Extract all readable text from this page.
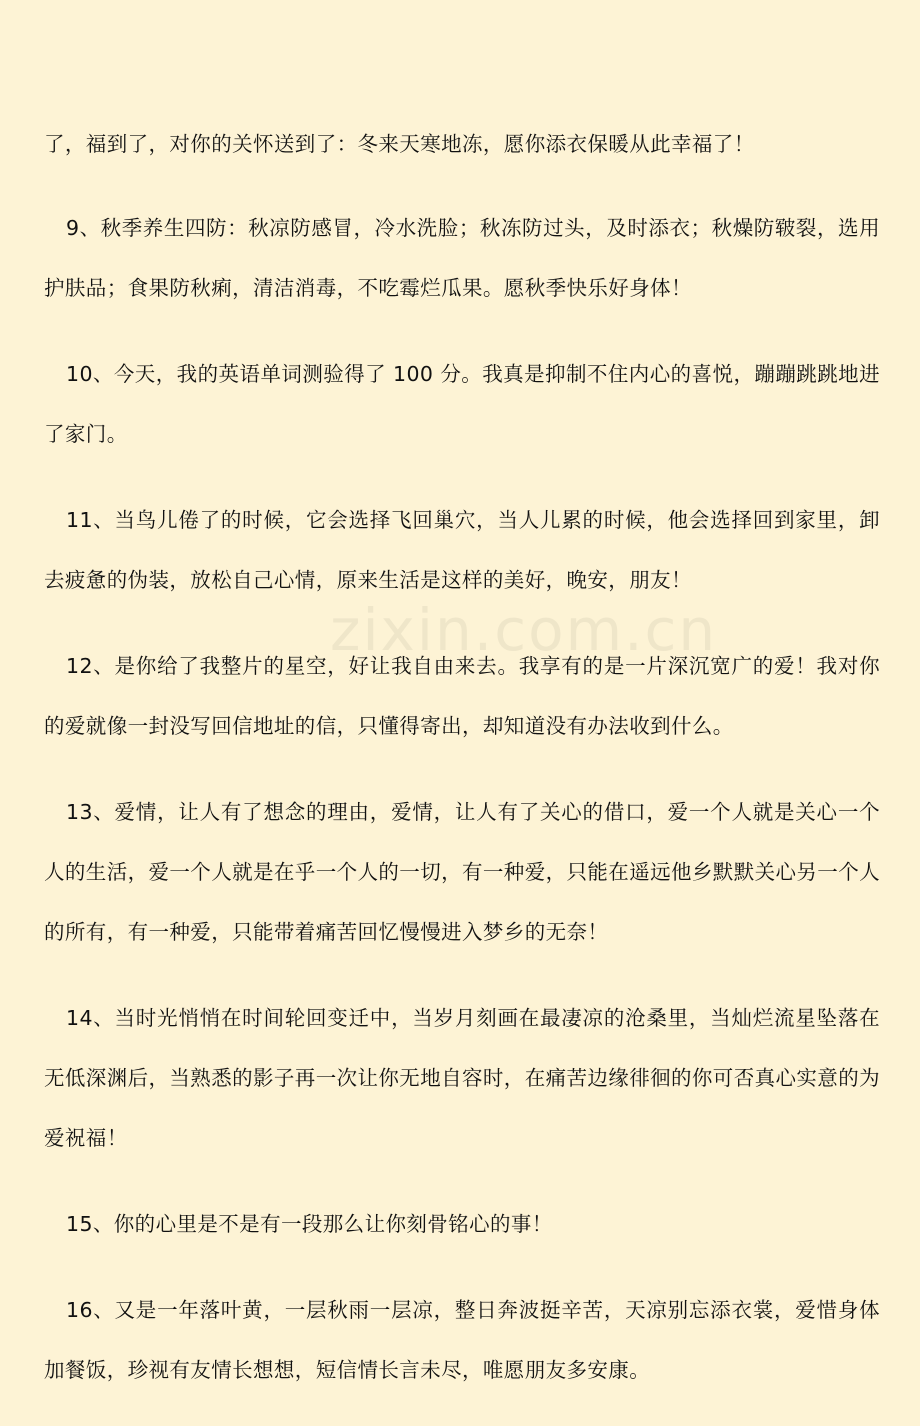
了，福到了，对你的关怀送到了：冬来天寒地冻，愿你添衣保暖从此幸福了！

9、秋季养生四防：秋凉防感冒，冷水洗脸；秋冻防过头，及时添衣；秋燥防皲裂，选用护肤品；食果防秋痢，清洁消毒，不吃霉烂瓜果。愿秋季快乐好身体！

10、今天，我的英语单词测验得了 100 分。我真是抑制不住内心的喜悦，蹦蹦跳跳地进了家门。

11、当鸟儿倦了的时候，它会选择飞回巢穴，当人儿累的时候，他会选择回到家里，卸去疲惫的伪装，放松自己心情，原来生活是这样的美好，晚安，朋友！

12、是你给了我整片的星空，好让我自由来去。我享有的是一片深沉宽广的爱！我对你的爱就像一封没写回信地址的信，只懂得寄出，却知道没有办法收到什么。

13、爱情，让人有了想念的理由，爱情，让人有了关心的借口，爱一个人就是关心一个人的生活，爱一个人就是在乎一个人的一切，有一种爱，只能在遥远他乡默默关心另一个人的所有，有一种爱，只能带着痛苦回忆慢慢进入梦乡的无奈！

14、当时光悄悄在时间轮回变迁中，当岁月刻画在最凄凉的沧桑里，当灿烂流星坠落在无低深渊后，当熟悉的影子再一次让你无地自容时，在痛苦边缘徘徊的你可否真心实意的为爱祝福！

15、你的心里是不是有一段那么让你刻骨铭心的事！

16、又是一年落叶黄，一层秋雨一层凉，整日奔波挺辛苦，天凉别忘添衣裳，爱惜身体加餐饭，珍视有友情长想想，短信情长言未尽，唯愿朋友多安康。

zixin.com.cn
